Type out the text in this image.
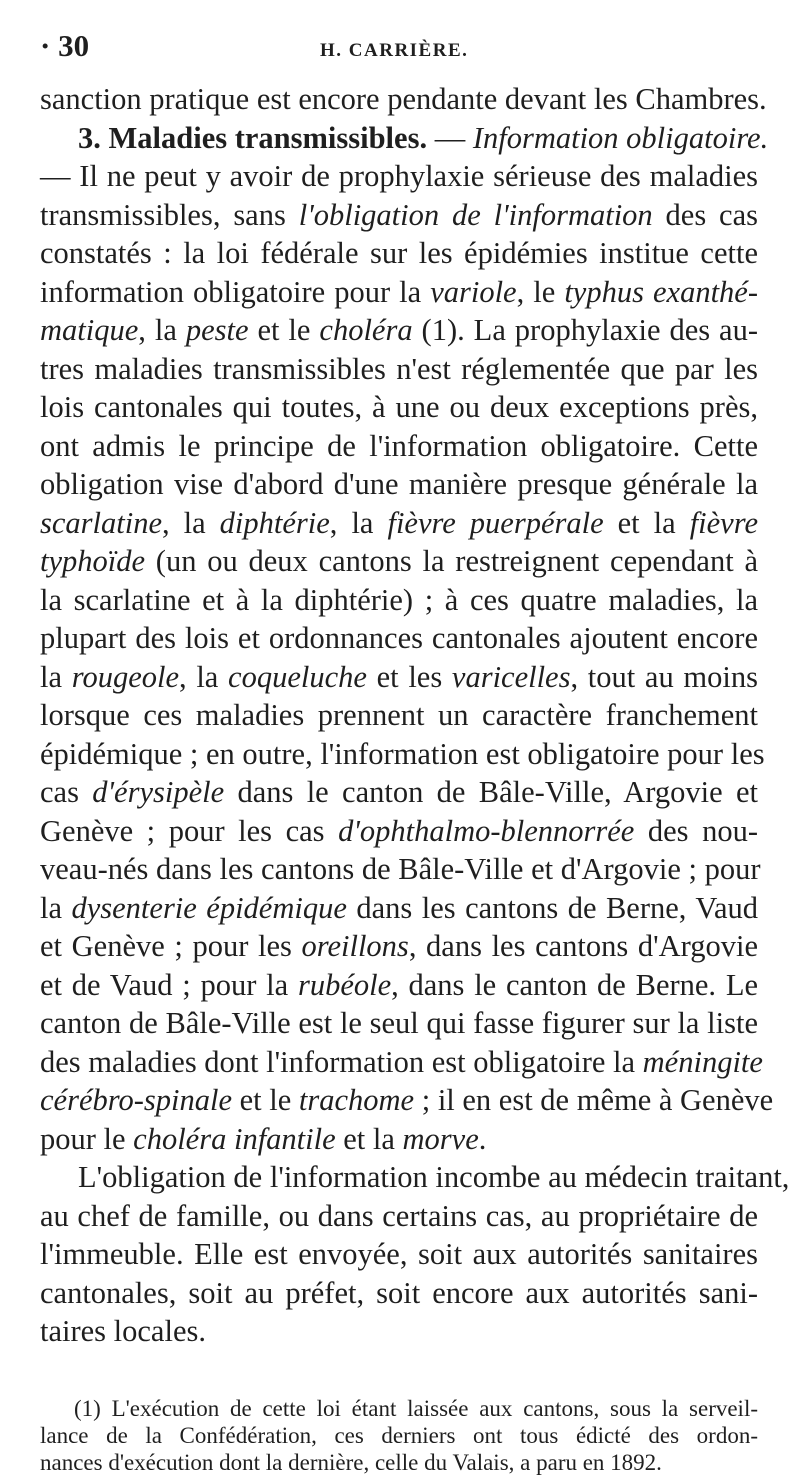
· 30	H. CARRIÈRE.
sanction pratique est encore pendante devant les Chambres.
3. Maladies transmissibles. — Information obligatoire.
— Il ne peut y avoir de prophylaxie sérieuse des maladies
transmissibles, sans l'obligation de l'information des cas
constatés : la loi fédérale sur les épidémies institue cette
information obligatoire pour la variole, le typhus exanthé-
matique, la peste et le choléra (1). La prophylaxie des au-
tres maladies transmissibles n'est réglementée que par les
lois cantonales qui toutes, à une ou deux exceptions près,
ont admis le principe de l'information obligatoire. Cette
obligation vise d'abord d'une manière presque générale la
scarlatine, la diphtérie, la fièvre puerpérale et la fièvre
typhoïde (un ou deux cantons la restreignent cependant à
la scarlatine et à la diphtérie) ; à ces quatre maladies, la
plupart des lois et ordonnances cantonales ajoutent encore
la rougeole, la coqueluche et les varicelles, tout au moins
lorsque ces maladies prennent un caractère franchement
épidémique ; en outre, l'information est obligatoire pour les
cas d'érysipèle dans le canton de Bâle-Ville, Argovie et
Genève ; pour les cas d'ophthalmo-blennorrée des nou-
veau-nés dans les cantons de Bâle-Ville et d'Argovie ; pour
la dysenterie épidémique dans les cantons de Berne, Vaud
et Genève ; pour les oreillons, dans les cantons d'Argovie
et de Vaud ; pour la rubéole, dans le canton de Berne. Le
canton de Bâle-Ville est le seul qui fasse figurer sur la liste
des maladies dont l'information est obligatoire la méningite
cérébro-spinale et le trachome ; il en est de même à Genève
pour le choléra infantile et la morve.
L'obligation de l'information incombe au médecin traitant,
au chef de famille, ou dans certains cas, au propriétaire de
l'immeuble. Elle est envoyée, soit aux autorités sanitaires
cantonales, soit au préfet, soit encore aux autorités sani-
taires locales.
(1) L'exécution de cette loi étant laissée aux cantons, sous la serveil-
lance de la Confédération, ces derniers ont tous édicté des ordon-
nances d'exécution dont la dernière, celle du Valais, a paru en 1892.
